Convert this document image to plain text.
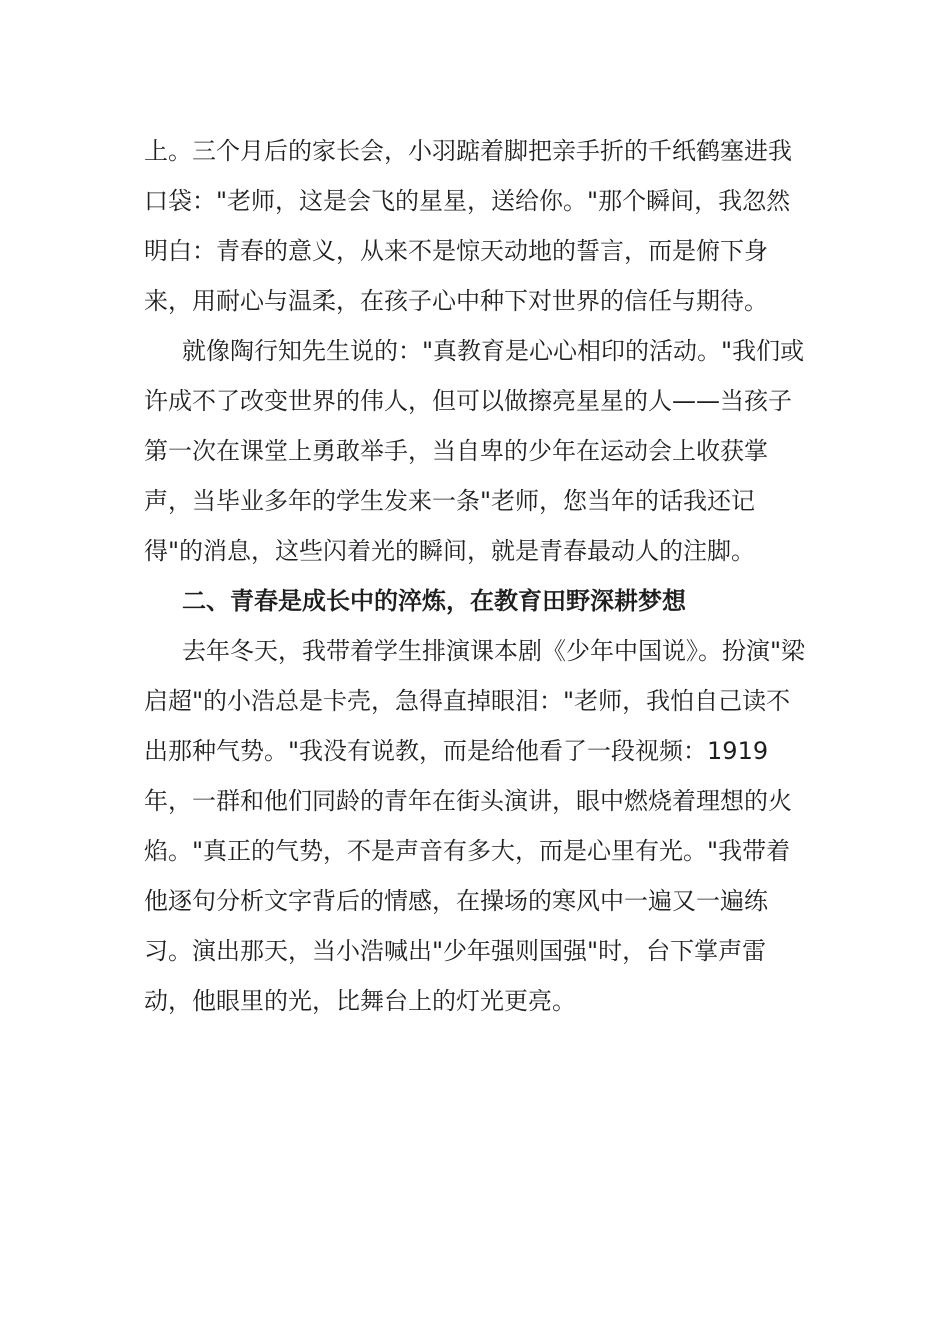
上。三个月后的家长会，小羽踮着脚把亲手折的千纸鹤塞进我口袋："老师，这是会飞的星星，送给你。"那个瞬间，我忽然明白：青春的意义，从来不是惊天动地的誓言，而是俯下身来，用耐心与温柔，在孩子心中种下对世界的信任与期待。

就像陶行知先生说的："真教育是心心相印的活动。"我们或许成不了改变世界的伟人，但可以做擦亮星星的人——当孩子第一次在课堂上勇敢举手，当自卑的少年在运动会上收获掌声，当毕业多年的学生发来一条"老师，您当年的话我还记得"的消息，这些闪着光的瞬间，就是青春最动人的注脚。

二、青春是成长中的淬炼，在教育田野深耕梦想

去年冬天，我带着学生排演课本剧《少年中国说》。扮演"梁启超"的小浩总是卡壳，急得直掉眼泪："老师，我怕自己读不出那种气势。"我没有说教，而是给他看了一段视频：1919年，一群和他们同龄的青年在街头演讲，眼中燃烧着理想的火焰。"真正的气势，不是声音有多大，而是心里有光。"我带着他逐句分析文字背后的情感，在操场的寒风中一遍又一遍练习。演出那天，当小浩喊出"少年强则国强"时，台下掌声雷动，他眼里的光，比舞台上的灯光更亮。
